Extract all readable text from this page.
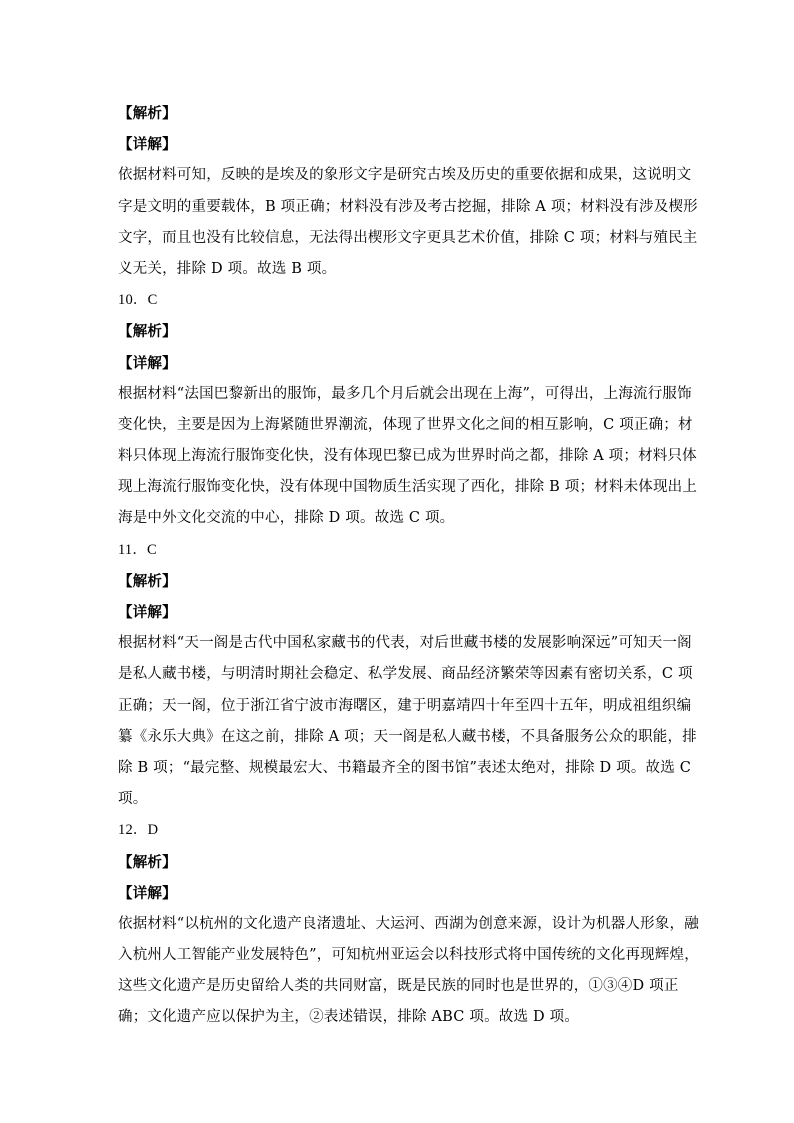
【解析】
【详解】
依据材料可知，反映的是埃及的象形文字是研究古埃及历史的重要依据和成果，这说明文
字是文明的重要载体，B 项正确；材料没有涉及考古挖掘，排除 A 项；材料没有涉及楔形
文字，而且也没有比较信息，无法得出楔形文字更具艺术价值，排除 C 项；材料与殖民主
义无关，排除 D 项。故选 B 项。
10．C
【解析】
【详解】
根据材料“法国巴黎新出的服饰，最多几个月后就会出现在上海”，可得出，上海流行服饰
变化快，主要是因为上海紧随世界潮流，体现了世界文化之间的相互影响，C 项正确；材
料只体现上海流行服饰变化快，没有体现巴黎已成为世界时尚之都，排除 A 项；材料只体
现上海流行服饰变化快，没有体现中国物质生活实现了西化，排除 B 项；材料未体现出上
海是中外文化交流的中心，排除 D 项。故选 C 项。
11．C
【解析】
【详解】
根据材料“天一阁是古代中国私家藏书的代表，对后世藏书楼的发展影响深远”可知天一阁
是私人藏书楼，与明清时期社会稳定、私学发展、商品经济繁荣等因素有密切关系，C 项
正确；天一阁，位于浙江省宁波市海曙区，建于明嘉靖四十年至四十五年，明成祖组织编
纂《永乐大典》在这之前，排除 A 项；天一阁是私人藏书楼，不具备服务公众的职能，排
除 B 项；“最完整、规模最宏大、书籍最齐全的图书馆”表述太绝对，排除 D 项。故选 C
项。
12．D
【解析】
【详解】
依据材料“以杭州的文化遗产良渚遗址、大运河、西湖为创意来源，设计为机器人形象，融
入杭州人工智能产业发展特色”，可知杭州亚运会以科技形式将中国传统的文化再现辉煌，
这些文化遗产是历史留给人类的共同财富，既是民族的同时也是世界的，①③④D 项正
确；文化遗产应以保护为主，②表述错误，排除 ABC 项。故选 D 项。
